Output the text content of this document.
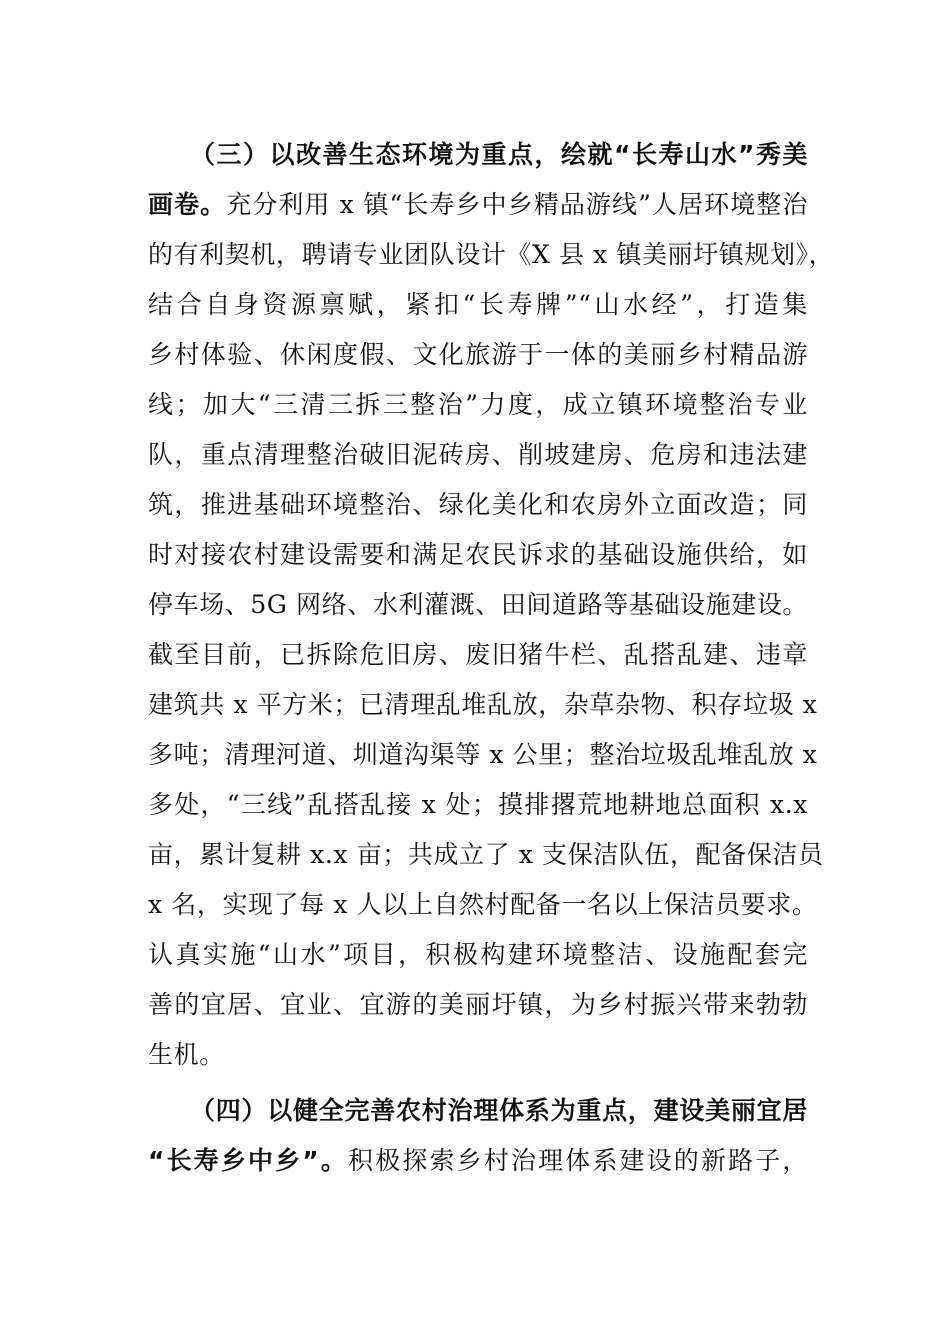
（三）以改善生态环境为重点，绘就“长寿山水”秀美
画卷。充分利用 x 镇“长寿乡中乡精品游线”人居环境整治
的有利契机，聘请专业团队设计《X 县 x 镇美丽圩镇规划》，
结合自身资源禀赋，紧扣“长寿牌”“山水经”，打造集
乡村体验、休闲度假、文化旅游于一体的美丽乡村精品游
线；加大“三清三拆三整治”力度，成立镇环境整治专业
队，重点清理整治破旧泥砖房、削坡建房、危房和违法建
筑，推进基础环境整治、绿化美化和农房外立面改造；同
时对接农村建设需要和满足农民诉求的基础设施供给，如
停车场、5G 网络、水利灌溉、田间道路等基础设施建设。
截至目前，已拆除危旧房、废旧猪牛栏、乱搭乱建、违章
建筑共 x 平方米；已清理乱堆乱放，杂草杂物、积存垃圾 x
多吨；清理河道、圳道沟渠等 x 公里；整治垃圾乱堆乱放 x
多处，“三线”乱搭乱接 x 处；摸排撂荒地耕地总面积 x.x
亩，累计复耕 x.x 亩；共成立了 x 支保洁队伍，配备保洁员
x 名，实现了每 x 人以上自然村配备一名以上保洁员要求。
认真实施“山水”项目，积极构建环境整洁、设施配套完
善的宜居、宜业、宜游的美丽圩镇，为乡村振兴带来勃勃
生机。
（四）以健全完善农村治理体系为重点，建设美丽宜居
“长寿乡中乡”。积极探索乡村治理体系建设的新路子，
